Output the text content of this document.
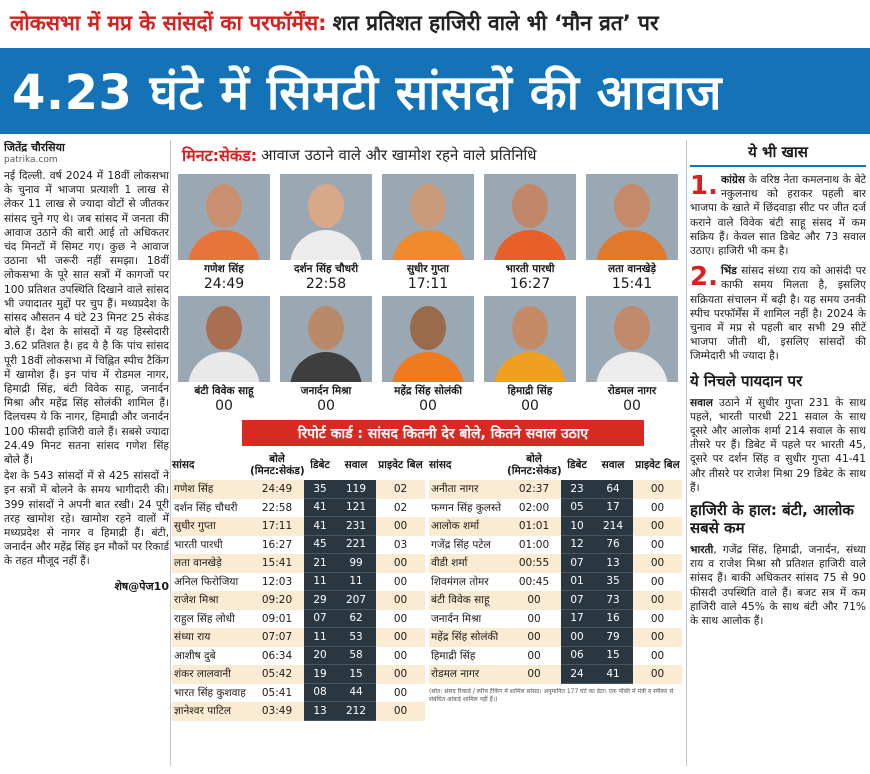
लोकसभा में मप्र के सांसदों का परफॉर्मेंस: शत प्रतिशत हाजिरी वाले भी ‘मौन व्रत’ पर
4.23 घंटे में सिमटी सांसदों की आवाज
जितेंद्र चौरसिया
patrika.com

नई दिल्ली. वर्ष 2024 में 18वीं लोकसभा के चुनाव में भाजपा प्रत्याशी 1 लाख से लेकर 11 लाख से ज्यादा वोटों से जीतकर सांसद चुने गए थे। जब सांसद में जनता की आवाज उठाने की बारी आई तो अधिकतर चंद मिनटों में सिमट गए। कुछ ने आवाज उठाना भी जरूरी नहीं समझा। 18वीं लोकसभा के पूरे सात सत्रों में कागजों पर 100 प्रतिशत उपस्थिति दिखाने वाले सांसद भी ज्यादातर मुद्दों पर चुप हैं। मध्यप्रदेश के सांसद औसतन 4 घंटे 23 मिनट 25 सेकंड बोले हैं। देश के सांसदों में यह हिस्सेदारी 3.62 प्रतिशत है। हद ये है कि पांच सांसद पूरी 18वीं लोकसभा में चिह्नित स्पीच टैकिंग में खामोश हैं। इन पांच में रोडमल नागर, हिमाद्री सिंह, बंटी विवेक साहू, जनार्दन मिश्रा और महेंद्र सिंह सोलंकी शामिल हैं। दिलचस्प ये कि नागर, हिमाद्री और जनार्दन 100 फीसदी हाजिरी वाले हैं। सबसे ज्यादा 24.49 मिनट सतना सांसद गणेश सिंह बोले हैं।

देश के 543 सांसदों में से 425 सांसदों ने इन सत्रों में बोलने के समय भागीदारी की। 399 सांसदों ने अपनी बात रखी। 24 पूरी तरह खामोश रहे। खामोश रहने वालों में मध्यप्रदेश से नागर व हिमाद्री हैं। बंटी, जनार्दन और महेंद्र सिंह इन मौकों पर रिकार्ड के तहत मौजूद नहीं हैं।

शेष@पेज10
मिनट:सेकंड: आवाज उठाने वाले और खामोश रहने वाले प्रतिनिधि
गणेश सिंह
24:49
दर्शन सिंह चौधरी
22:58
सुधीर गुप्ता
17:11
भारती पारधी
16:27
लता वानखेड़े
15:41
बंटी विवेक साहू
00
जनार्दन मिश्रा
00
महेंद्र सिंह सोलंकी
00
हिमाद्री सिंह
00
रोडमल नागर
00
रिपोर्ट कार्ड : सांसद कितनी देर बोले, कितने सवाल उठाए
सांसद	बोले (मिनट:सेकंड) डिबेट	सवाल	प्राइवेट बिल
गणेश सिंह	24:49	35	119	02
दर्शन सिंह चौधरी	22:58	41	121	02
सुधीर गुप्ता	17:11	41	231	00
भारती पारधी	16:27	45	221	03
लता वानखेड़े	15:41	21	99	00
अनिल फिरोजिया	12:03	11	11	00
राजेश मिश्रा	09:20	29	207	00
राहुल सिंह लोधी	09:01	07	62	00
संध्या राय	07:07	11	53	00
आशीष दुबे	06:34	20	58	00
शंकर लालवानी	05:42	19	15	00
भारत सिंह कुशवाह	05:41	08	44	00
ज्ञानेश्वर पाटिल	03:49	13	212	00
सांसद	बोले (मिनट:सेकंड) डिबेट	सवाल	प्राइवेट बिल
अनीता नागर	02:37	23	64	00
फग्गन सिंह कुलस्ते	02:00	05	17	00
आलोक शर्मा	01:01	10	214	00
गजेंद्र सिंह पटेल	01:00	12	76	00
वीडी शर्मा	00:55	07	13	00
शिवमंगल तोमर	00:45	01	35	00
बंटी विवेक साहू	00	07	73	00
जनार्दन मिश्रा	00	17	16	00
महेंद्र सिंह सोलंकी	00	00	79	00
हिमाद्री सिंह	00	06	15	00
रोडमल नागर	00	24	41	00
(स्रोत: संसद रिकार्ड / स्पीच टैकिंग में शामिल सांसद। अनुमानित 177 घंटे का डेटा। एक पंक्ति में मंत्री व स्पीकर से संबंधित आंकड़े शामिल नहीं हैं।)
ये भी खास
1. कांग्रेस के वरिष्ठ नेता कमलनाथ के बेटे नकुलनाथ को हराकर पहली बार भाजपा के खाते में छिंदवाड़ा सीट पर जीत दर्ज कराने वाले विवेक बंटी साहू संसद में कम सक्रिय हैं। केवल सात डिबेट और 73 सवाल उठाए। हाजिरी भी कम है।
2. भिंड सांसद संध्या राय को आसंदी पर काफी समय मिलता है, इसलिए सक्रियता संचालन में बढ़ी है। यह समय उनकी स्पीच परफॉर्मेंस में शामिल नहीं है। 2024 के चुनाव में मप्र से पहली बार सभी 29 सीटें भाजपा जीती थी, इसलिए सांसदों की जिम्मेदारी भी ज्यादा है।
ये निचले पायदान पर
सवाल उठाने में सुधीर गुप्ता 231 के साथ पहले, भारती पारधी 221 सवाल के साथ दूसरे और आलोक शर्मा 214 सवाल के साथ तीसरे पर हैं। डिबेट में पहले पर भारती 45, दूसरे पर दर्शन सिंह व सुधीर गुप्ता 41-41 और तीसरे पर राजेश मिश्रा 29 डिबेट के साथ हैं।
हाजिरी के हाल: बंटी, आलोक सबसे कम
भारती, गजेंद्र सिंह, हिमाद्री, जनार्दन, संध्या राय व राजेश मिश्रा सौ प्रतिशत हाजिरी वाले सांसद हैं। बाकी अधिकतर सांसद 75 से 90 फीसदी उपस्थिति वाले हैं। बजट सत्र में कम हाजिरी वाले 45% के साथ बंटी और 71% के साथ आलोक हैं।
